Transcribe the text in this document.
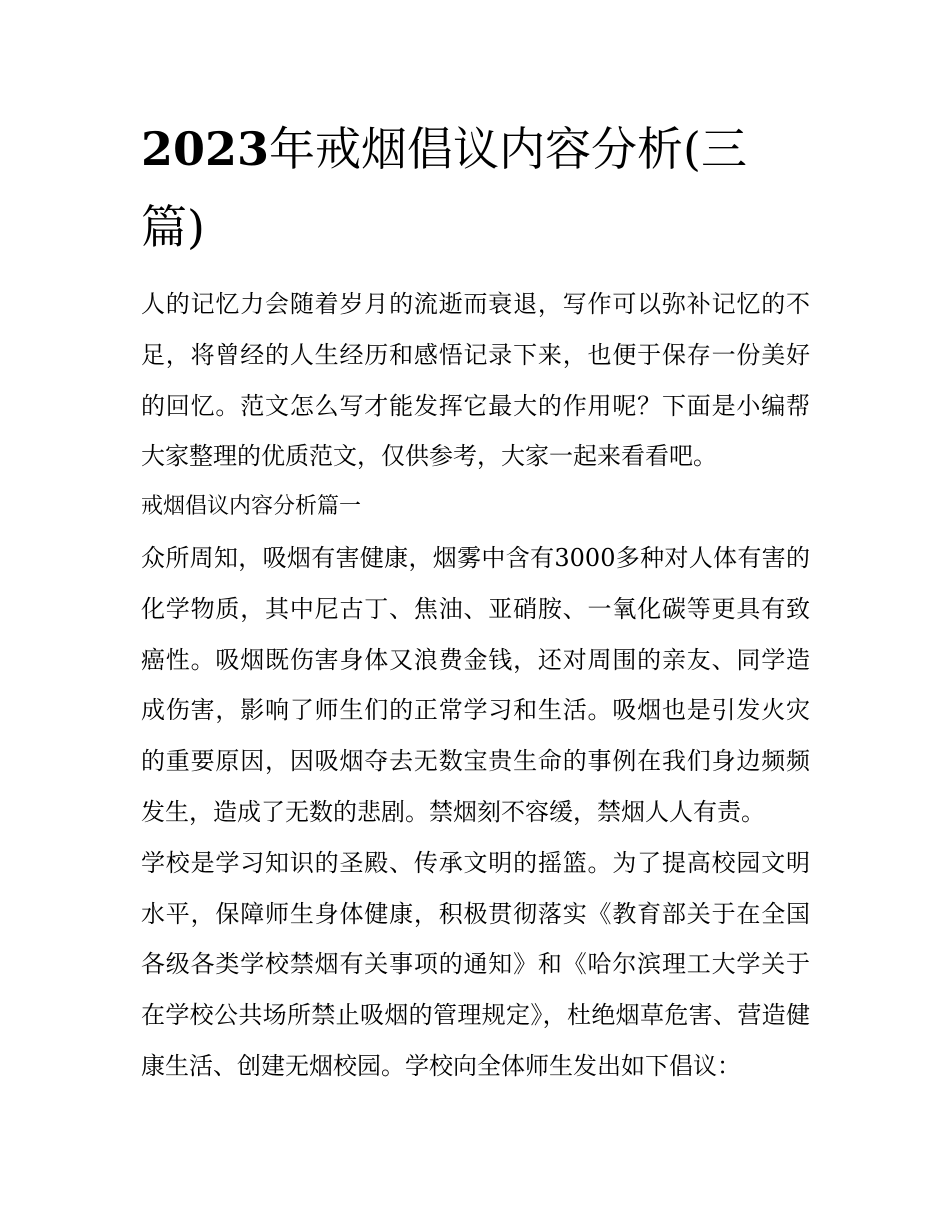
2023年戒烟倡议内容分析(三篇)

人的记忆力会随着岁月的流逝而衰退，写作可以弥补记忆的不足，将曾经的人生经历和感悟记录下来，也便于保存一份美好的回忆。范文怎么写才能发挥它最大的作用呢？下面是小编帮大家整理的优质范文，仅供参考，大家一起来看看吧。

戒烟倡议内容分析篇一

众所周知，吸烟有害健康，烟雾中含有3000多种对人体有害的化学物质，其中尼古丁、焦油、亚硝胺、一氧化碳等更具有致癌性。吸烟既伤害身体又浪费金钱，还对周围的亲友、同学造成伤害，影响了师生们的正常学习和生活。吸烟也是引发火灾的重要原因，因吸烟夺去无数宝贵生命的事例在我们身边频频发生，造成了无数的悲剧。禁烟刻不容缓，禁烟人人有责。

学校是学习知识的圣殿、传承文明的摇篮。为了提高校园文明水平，保障师生身体健康，积极贯彻落实《教育部关于在全国各级各类学校禁烟有关事项的通知》和《哈尔滨理工大学关于在学校公共场所禁止吸烟的管理规定》，杜绝烟草危害、营造健康生活、创建无烟校园。学校向全体师生发出如下倡议：
